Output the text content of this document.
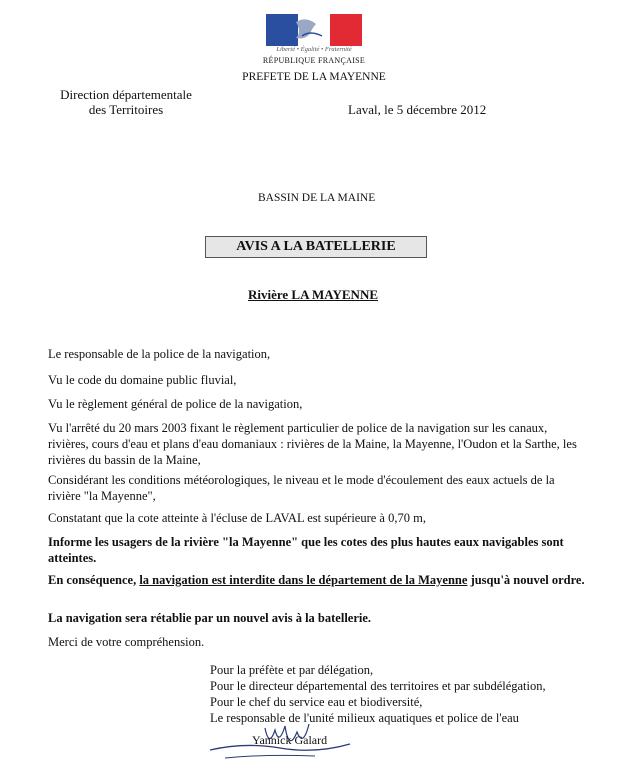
Liberté • Égalité • Fraternité
RÉPUBLIQUE FRANÇAISE
PREFETE DE LA MAYENNE
Direction départementale
des Territoires	Laval, le 5 décembre 2012
BASSIN DE LA MAINE
AVIS A LA BATELLERIE
Rivière LA MAYENNE
Le responsable de la police de la navigation,
Vu le code du domaine public fluvial,
Vu le règlement général de police de la navigation,
Vu l'arrêté du 20 mars 2003 fixant le règlement particulier de police de la navigation sur les canaux, rivières, cours d'eau et plans d'eau domaniaux : rivières de la Maine, la Mayenne, l'Oudon et la Sarthe, les rivières du bassin de la Maine,
Considérant les conditions météorologiques, le niveau et le mode d'écoulement des eaux actuels de la rivière "la Mayenne",
Constatant que la cote atteinte à l'écluse de LAVAL est supérieure à 0,70 m,
Informe les usagers de la rivière "la Mayenne" que les cotes des plus hautes eaux navigables sont atteintes.
En conséquence, la navigation est interdite dans le département de la Mayenne jusqu'à nouvel ordre.
La navigation sera rétablie par un nouvel avis à la batellerie.
Merci de votre compréhension.
Pour la préfète et par délégation,
Pour le directeur départemental des territoires et par subdélégation,
Pour le chef du service eau et biodiversité,
Le responsable de l'unité milieux aquatiques et police de l'eau
Yannick Galard
